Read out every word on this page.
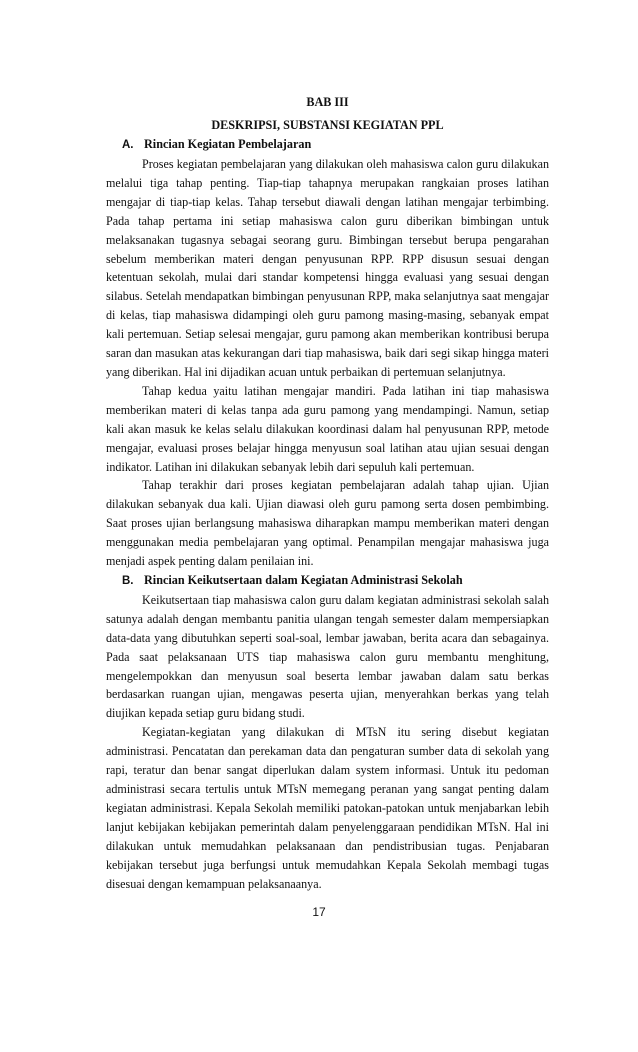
BAB III

DESKRIPSI, SUBSTANSI KEGIATAN PPL

A. Rincian Kegiatan Pembelajaran

Proses kegiatan pembelajaran yang dilakukan oleh mahasiswa calon guru dilakukan melalui tiga tahap penting. Tiap-tiap tahapnya merupakan rangkaian proses latihan mengajar di tiap-tiap kelas. Tahap tersebut diawali dengan latihan mengajar terbimbing. Pada tahap pertama ini setiap mahasiswa calon guru diberikan bimbingan untuk melaksanakan tugasnya sebagai seorang guru. Bimbingan tersebut berupa pengarahan sebelum memberikan materi dengan penyusunan RPP. RPP disusun sesuai dengan ketentuan sekolah, mulai dari standar kompetensi hingga evaluasi yang sesuai dengan silabus. Setelah mendapatkan bimbingan penyusunan RPP, maka selanjutnya saat mengajar di kelas, tiap mahasiswa didampingi oleh guru pamong masing-masing, sebanyak empat kali pertemuan. Setiap selesai mengajar, guru pamong akan memberikan kontribusi berupa saran dan masukan atas kekurangan dari tiap mahasiswa, baik dari segi sikap hingga materi yang diberikan. Hal ini dijadikan acuan untuk perbaikan di pertemuan selanjutnya.

Tahap kedua yaitu latihan mengajar mandiri. Pada latihan ini tiap mahasiswa memberikan materi di kelas tanpa ada guru pamong yang mendampingi. Namun, setiap kali akan masuk ke kelas selalu dilakukan koordinasi dalam hal penyusunan RPP, metode mengajar, evaluasi proses belajar hingga menyusun soal latihan atau ujian sesuai dengan indikator. Latihan ini dilakukan sebanyak lebih dari sepuluh kali pertemuan.

Tahap terakhir dari proses kegiatan pembelajaran adalah tahap ujian. Ujian dilakukan sebanyak dua kali. Ujian diawasi oleh guru pamong serta dosen pembimbing. Saat proses ujian berlangsung mahasiswa diharapkan mampu memberikan materi dengan menggunakan media pembelajaran yang optimal. Penampilan mengajar mahasiswa juga menjadi aspek penting dalam penilaian ini.

B. Rincian Keikutsertaan dalam Kegiatan Administrasi Sekolah

Keikutsertaan tiap mahasiswa calon guru dalam kegiatan administrasi sekolah salah satunya adalah dengan membantu panitia ulangan tengah semester dalam mempersiapkan data-data yang dibutuhkan seperti soal-soal, lembar jawaban, berita acara dan sebagainya. Pada saat pelaksanaan UTS tiap mahasiswa calon guru membantu menghitung, mengelempokkan dan menyusun soal beserta lembar jawaban dalam satu berkas berdasarkan ruangan ujian, mengawas peserta ujian, menyerahkan berkas yang telah diujikan kepada setiap guru bidang studi.

Kegiatan-kegiatan yang dilakukan di MTsN itu sering disebut kegiatan administrasi. Pencatatan dan perekaman data dan pengaturan sumber data di sekolah yang rapi, teratur dan benar sangat diperlukan dalam system informasi. Untuk itu pedoman administrasi secara tertulis untuk MTsN memegang peranan yang sangat penting dalam kegiatan administrasi. Kepala Sekolah memiliki patokan-patokan untuk menjabarkan lebih lanjut kebijakan kebijakan pemerintah dalam penyelenggaraan pendidikan MTsN. Hal ini dilakukan untuk memudahkan pelaksanaan dan pendistribusian tugas. Penjabaran kebijakan tersebut juga berfungsi untuk memudahkan Kepala Sekolah membagi tugas disesuai dengan kemampuan pelaksanaanya.

17
